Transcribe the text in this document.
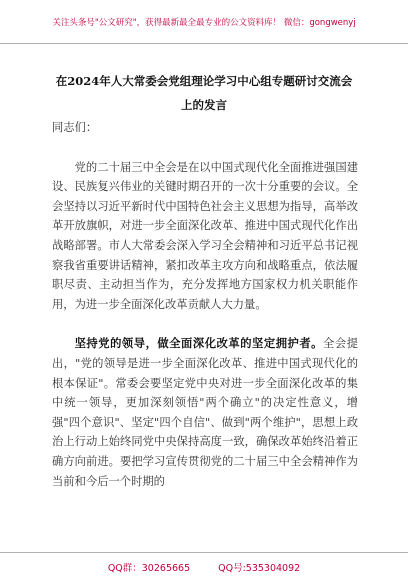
关注头条号"公文研究"，获得最新最全最专业的公文资料库！ 微信：gongwenyj
在2024年人大常委会党组理论学习中心组专题研讨交流会上的发言

同志们：

党的二十届三中全会是在以中国式现代化全面推进强国建设、民族复兴伟业的关键时期召开的一次十分重要的会议。全会坚持以习近平新时代中国特色社会主义思想为指导，高举改革开放旗帜，对进一步全面深化改革、推进中国式现代化作出战略部署。市人大常委会深入学习全会精神和习近平总书记视察我省重要讲话精神，紧扣改革主攻方向和战略重点，依法履职尽责、主动担当作为，充分发挥地方国家权力机关职能作用，为进一步全面深化改革贡献人大力量。

坚持党的领导，做全面深化改革的坚定拥护者。全会提出，"党的领导是进一步全面深化改革、推进中国式现代化的根本保证"。常委会要坚定党中央对进一步全面深化改革的集中统一领导，更加深刻领悟"两个确立"的决定性意义，增强"四个意识"、坚定"四个自信"、做到"两个维护"，思想上政治上行动上始终同党中央保持高度一致，确保改革始终沿着正确方向前进。要把学习宣传贯彻党的二十届三中全会精神作为当前和今后一个时期的

QQ群：30265665	QQ号:535304092
